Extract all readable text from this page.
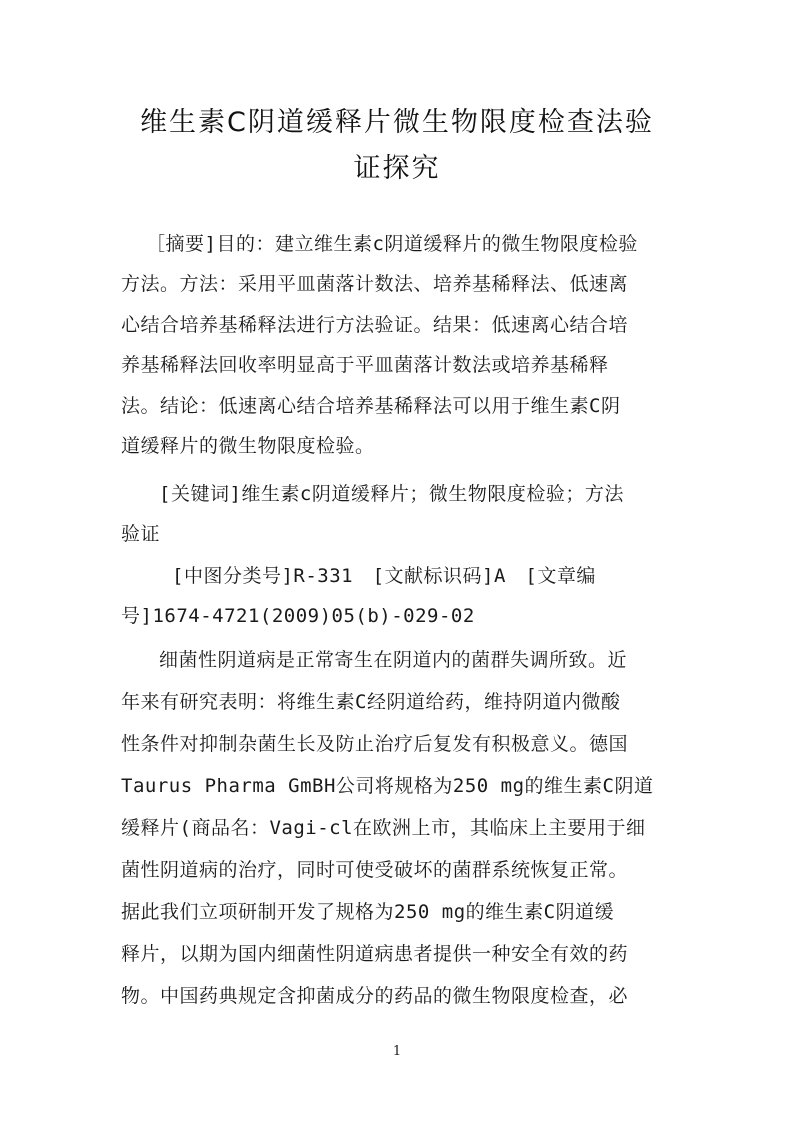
维生素C阴道缓释片微生物限度检查法验
证探究
［摘要]目的：建立维生素c阴道缓释片的微生物限度检验
方法。方法：采用平皿菌落计数法、培养基稀释法、低速离
心结合培养基稀释法进行方法验证。结果：低速离心结合培
养基稀释法回收率明显高于平皿菌落计数法或培养基稀释
法。结论：低速离心结合培养基稀释法可以用于维生素C阴
道缓释片的微生物限度检验。
[关键词]维生素c阴道缓释片；微生物限度检验；方法
验证
[中图分类号]R-331　[文献标识码]A　[文章编
号]1674-4721(2009)05(b)-029-02
细菌性阴道病是正常寄生在阴道内的菌群失调所致。近
年来有研究表明：将维生素C经阴道给药，维持阴道内微酸
性条件对抑制杂菌生长及防止治疗后复发有积极意义。德国
Taurus Pharma GmBH公司将规格为250 mg的维生素C阴道
缓释片(商品名：Vagi-cl在欧洲上市，其临床上主要用于细
菌性阴道病的治疗，同时可使受破坏的菌群系统恢复正常。
据此我们立项研制开发了规格为250 mg的维生素C阴道缓
释片，以期为国内细菌性阴道病患者提供一种安全有效的药
物。中国药典规定含抑菌成分的药品的微生物限度检查，必
1
